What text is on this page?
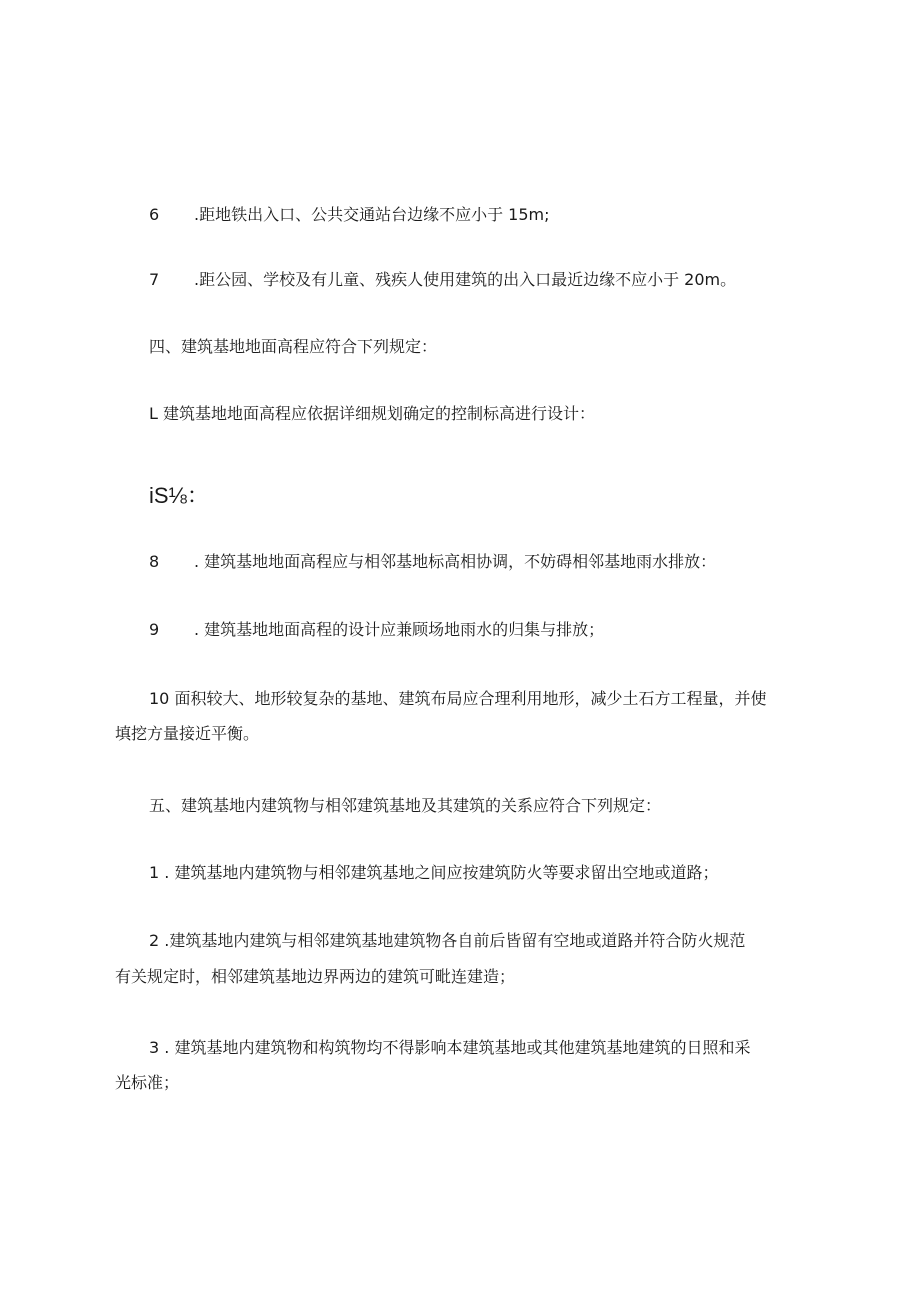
6 .距地铁出入口、公共交通站台边缘不应小于 15m;
7 .距公园、学校及有儿童、残疾人使用建筑的出入口最近边缘不应小于 20m。
四、建筑基地地面高程应符合下列规定：
L 建筑基地地面高程应依据详细规划确定的控制标高进行设计：
iS⅛：
8 . 建筑基地地面高程应与相邻基地标高相协调，不妨碍相邻基地雨水排放：
9 . 建筑基地地面高程的设计应兼顾场地雨水的归集与排放；
10 面积较大、地形较复杂的基地、建筑布局应合理利用地形，减少土石方工程量，并使
填挖方量接近平衡。
五、建筑基地内建筑物与相邻建筑基地及其建筑的关系应符合下列规定：
1 . 建筑基地内建筑物与相邻建筑基地之间应按建筑防火等要求留出空地或道路；
2 .建筑基地内建筑与相邻建筑基地建筑物各自前后皆留有空地或道路并符合防火规范
有关规定时，相邻建筑基地边界两边的建筑可毗连建造；
3 . 建筑基地内建筑物和构筑物均不得影响本建筑基地或其他建筑基地建筑的日照和采
光标准；
